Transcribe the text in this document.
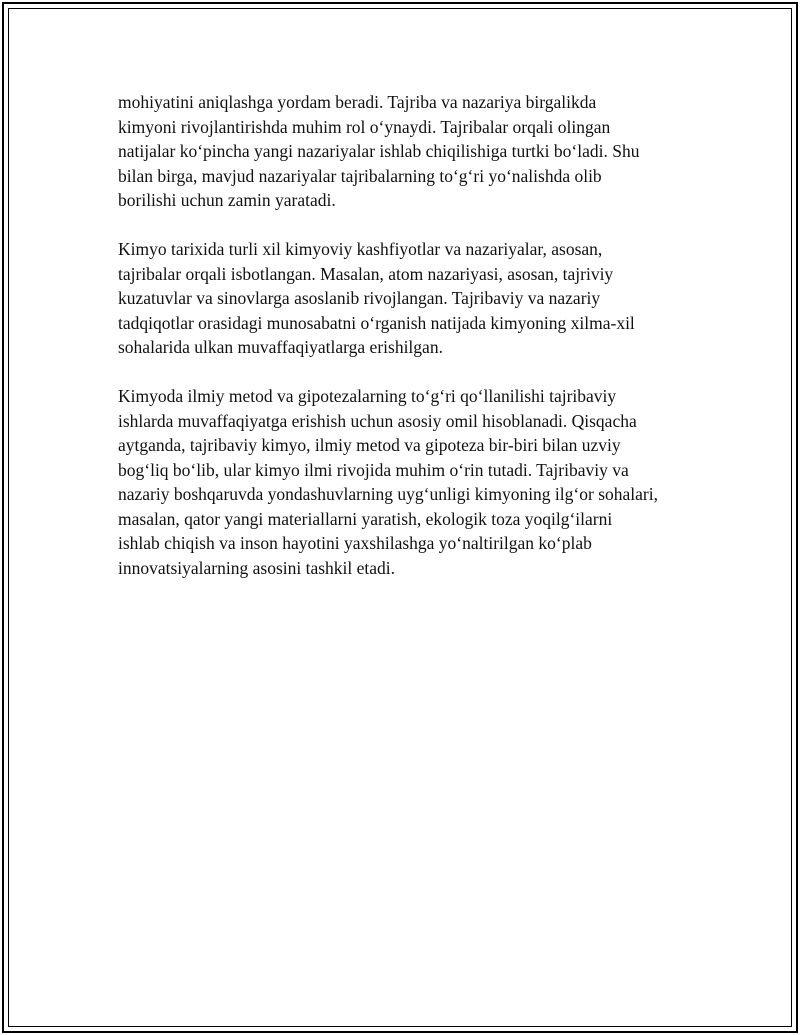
mohiyatini aniqlashga yordam beradi. Tajriba va nazariya birgalikda
kimyoni rivojlantirishda muhim rol o‘ynaydi. Tajribalar orqali olingan
natijalar ko‘pincha yangi nazariyalar ishlab chiqilishiga turtki bo‘ladi. Shu
bilan birga, mavjud nazariyalar tajribalarning to‘g‘ri yo‘nalishda olib
borilishi uchun zamin yaratadi.

Kimyo tarixida turli xil kimyoviy kashfiyotlar va nazariyalar, asosan,
tajribalar orqali isbotlangan. Masalan, atom nazariyasi, asosan, tajriviy
kuzatuvlar va sinovlarga asoslanib rivojlangan. Tajribaviy va nazariy
tadqiqotlar orasidagi munosabatni o‘rganish natijada kimyoning xilma-xil
sohalarida ulkan muvaffaqiyatlarga erishilgan.

Kimyoda ilmiy metod va gipotezalarning to‘g‘ri qo‘llanilishi tajribaviy
ishlarda muvaffaqiyatga erishish uchun asosiy omil hisoblanadi. Qisqacha
aytganda, tajribaviy kimyo, ilmiy metod va gipoteza bir-biri bilan uzviy
bog‘liq bo‘lib, ular kimyo ilmi rivojida muhim o‘rin tutadi. Tajribaviy va
nazariy boshqaruvda yondashuvlarning uyg‘unligi kimyoning ilg‘or sohalari,
masalan, qator yangi materiallarni yaratish, ekologik toza yoqilg‘ilarni
ishlab chiqish va inson hayotini yaxshilashga yo‘naltirilgan ko‘plab
innovatsiyalarning asosini tashkil etadi.
